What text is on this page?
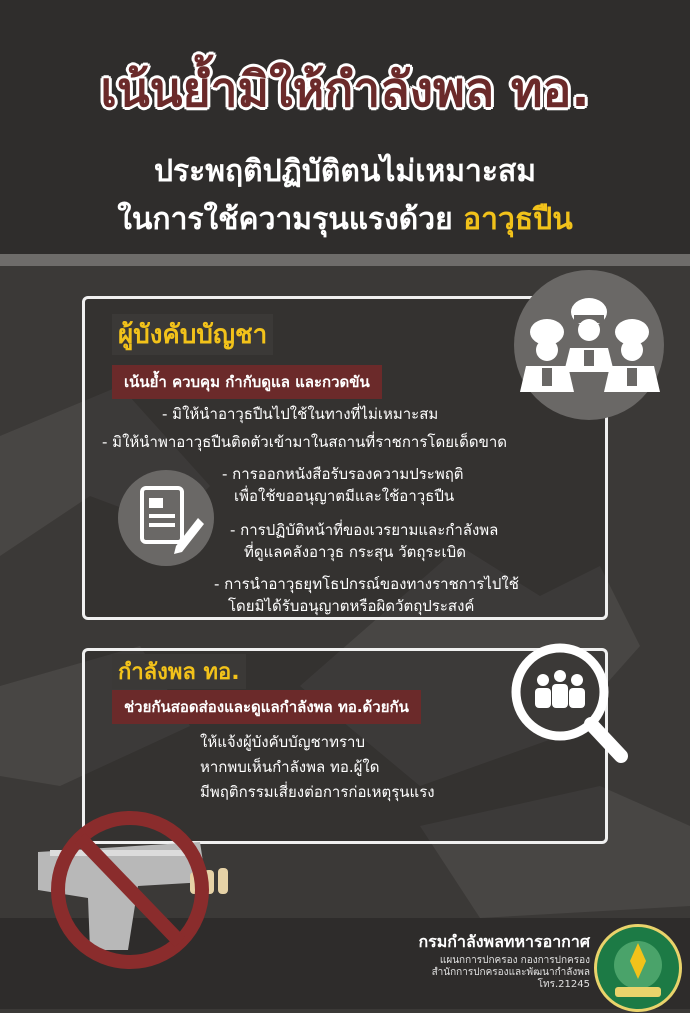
เน้นย้ำมิให้กำลังพล ทอ.
ประพฤติปฏิบัติตนไม่เหมาะสม
ในการใช้ความรุนแรงด้วย อาวุธปืน
ผู้บังคับบัญชา
เน้นย้ำ ควบคุม กำกับดูแล และกวดขัน
- มิให้นำอาวุธปืนไปใช้ในทางที่ไม่เหมาะสม
- มิให้นำพาอาวุธปืนติดตัวเข้ามาในสถานที่ราชการโดยเด็ดขาด
- การออกหนังสือรับรองความประพฤติ
เพื่อใช้ขออนุญาตมีและใช้อาวุธปืน
- การปฏิบัติหน้าที่ของเวรยามและกำลังพล
ที่ดูแลคลังอาวุธ กระสุน วัตถุระเบิด
- การนำอาวุธยุทโธปกรณ์ของทางราชการไปใช้
โดยมิได้รับอนุญาตหรือผิดวัตถุประสงค์
กำลังพล ทอ.
ช่วยกันสอดส่องและดูแลกำลังพล ทอ.ด้วยกัน
ให้แจ้งผู้บังคับบัญชาทราบ
หากพบเห็นกำลังพล ทอ.ผู้ใด
มีพฤติกรรมเสี่ยงต่อการก่อเหตุรุนแรง
กรมกำลังพลทหารอากาศ
แผนกการปกครอง กองการปกครอง
สำนักการปกครองและพัฒนากำลังพล
โทร.21245
